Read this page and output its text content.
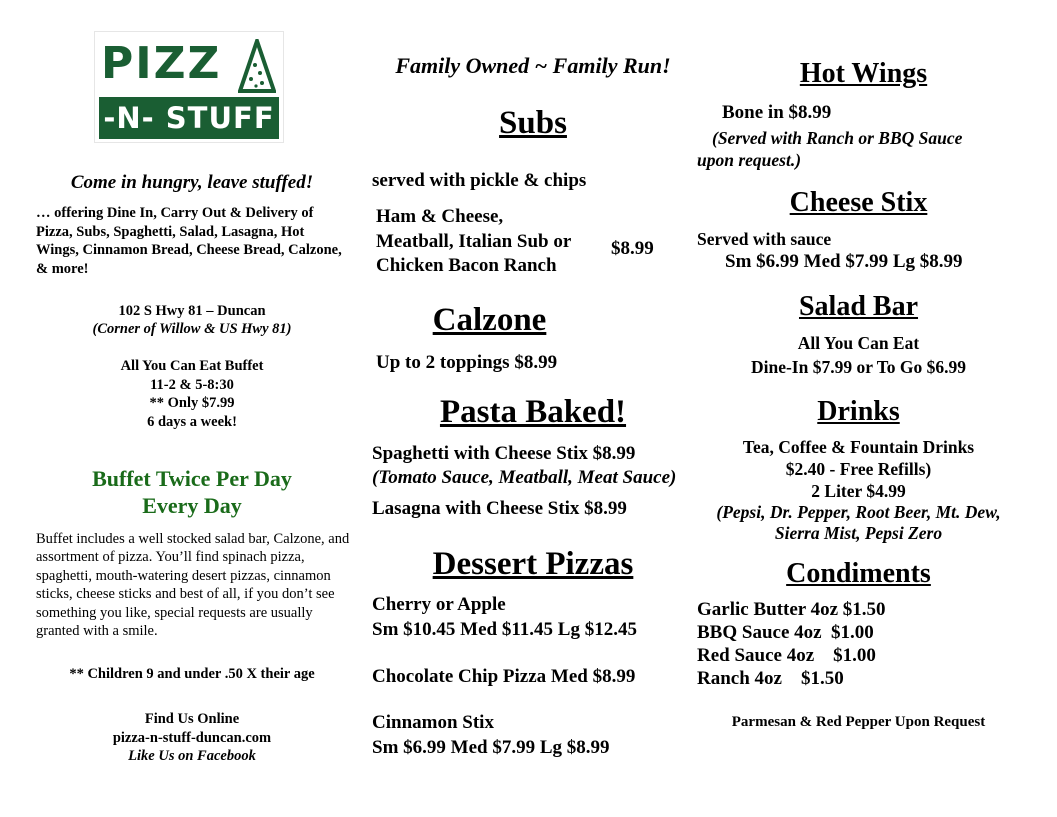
PIZZ
-N- STUFF
Come in hungry, leave stuffed!
… offering Dine In, Carry Out & Delivery of Pizza, Subs, Spaghetti, Salad, Lasagna, Hot Wings, Cinnamon Bread, Cheese Bread, Calzone, & more!
102 S Hwy 81 – Duncan
(Corner of Willow & US Hwy 81)
All You Can Eat Buffet
11-2 & 5-8:30
** Only $7.99
6 days a week!
Buffet Twice Per Day
Every Day
Buffet includes a well stocked salad bar, Calzone, and assortment of pizza. You’ll find spinach pizza, spaghetti, mouth-watering desert pizzas, cinnamon sticks, cheese sticks and best of all, if you don’t see something you like, special requests are usually granted with a smile.
** Children 9 and under .50 X their age
Find Us Online
pizza-n-stuff-duncan.com
Like Us on Facebook
Family Owned ~ Family Run!
Subs
served with pickle & chips
Ham & Cheese,
Meatball, Italian Sub or
Chicken Bacon Ranch
$8.99
Calzone
Up to 2 toppings $8.99
Pasta Baked!
Spaghetti with Cheese Stix $8.99
(Tomato Sauce, Meatball, Meat Sauce)
Lasagna with Cheese Stix $8.99
Dessert Pizzas
Cherry or Apple
Sm $10.45 Med $11.45 Lg $12.45
Chocolate Chip Pizza Med $8.99
Cinnamon Stix
Sm $6.99 Med $7.99 Lg $8.99
Hot Wings
Bone in $8.99
(Served with Ranch or BBQ Sauce
upon request.)
Cheese Stix
Served with sauce
Sm $6.99 Med $7.99 Lg $8.99
Salad Bar
All You Can Eat
Dine-In $7.99 or To Go $6.99
Drinks
Tea, Coffee & Fountain Drinks
$2.40 - Free Refills)
2 Liter $4.99
(Pepsi, Dr. Pepper, Root Beer, Mt. Dew,
Sierra Mist, Pepsi Zero
Condiments
Garlic Butter 4oz $1.50
BBQ Sauce 4oz  $1.00
Red Sauce 4oz    $1.00
Ranch 4oz    $1.50
Parmesan & Red Pepper Upon Request
